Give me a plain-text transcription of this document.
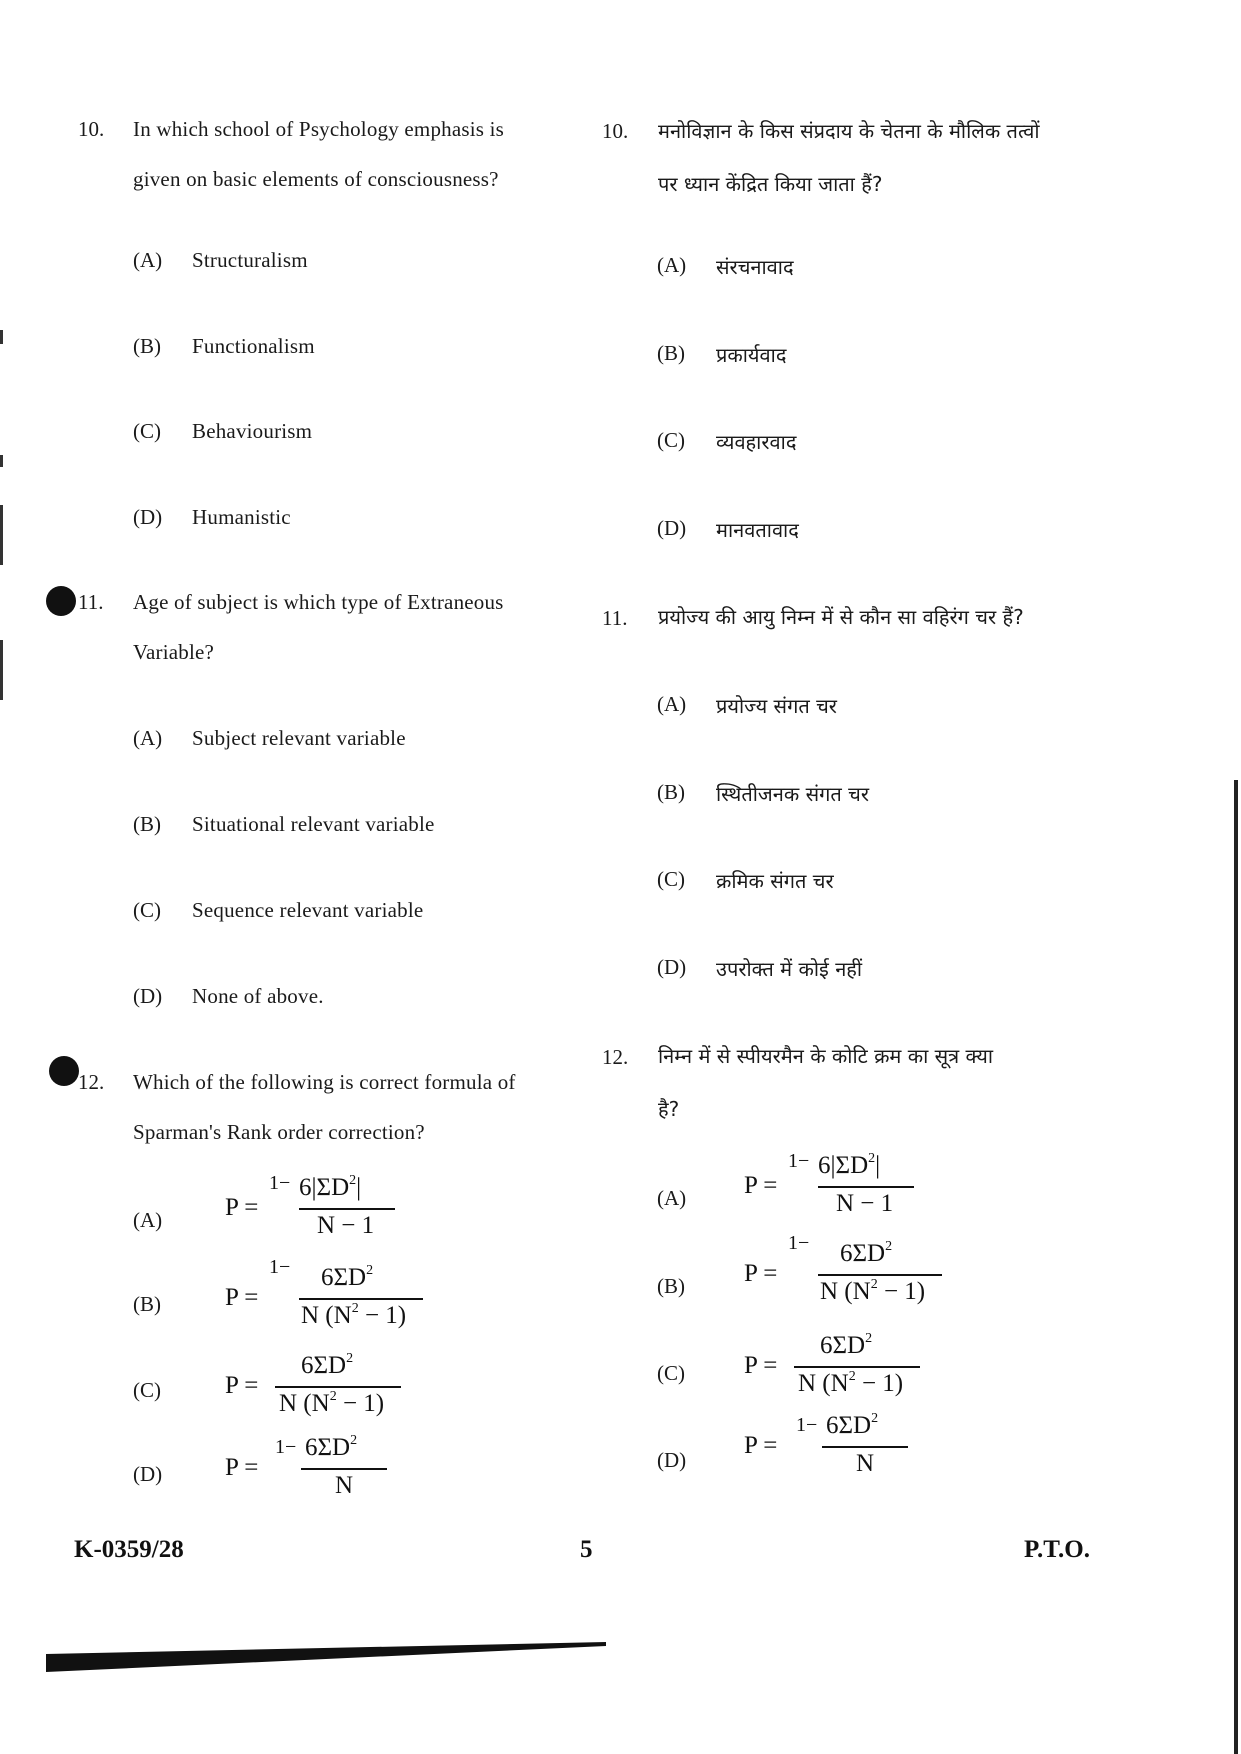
10. In which school of Psychology emphasis is
given on basic elements of consciousness?
(A) Structuralism
(B) Functionalism
(C) Behaviourism
(D) Humanistic
10. मनोविज्ञान के किस संप्रदाय के चेतना के मौलिक तत्वों
पर ध्यान केंद्रित किया जाता हैं?
(A) संरचनावाद
(B) प्रकार्यवाद
(C) व्यवहारवाद
(D) मानवतावाद
11. Age of subject is which type of Extraneous
Variable?
(A) Subject relevant variable
(B) Situational relevant variable
(C) Sequence relevant variable
(D) None of above.
11. प्रयोज्य की आयु निम्न में से कौन सा वहिरंग चर हैं?
(A) प्रयोज्य संगत चर
(B) स्थितीजनक संगत चर
(C) क्रमिक संगत चर
(D) उपरोक्त में कोई नहीं
12. Which of the following is correct formula of
Sparman's Rank order correction?
(A)
(B)
(C)
(D)
P =
$1- 6|\Sigma D^2|$
N − 1
P =
$1- 6\Sigma D^2$
N $(N^2 - 1)$
P =
$6\Sigma D^2$
N $(N^2 - 1)$
P =
$1- 6\Sigma D^2$
N
12. निम्न में से स्पीयरमैन के कोटि क्रम का सूत्र क्या
है?
(A)
(B)
(C)
(D)
P =
$1- 6|\Sigma D^2|$
N − 1
P =
$1- 6\Sigma D^2$
N $(N^2 - 1)$
P =
$6\Sigma D^2$
N $(N^2 - 1)$
P =
$1- 6\Sigma D^2$
N
K-0359/28	5	P.T.O.
